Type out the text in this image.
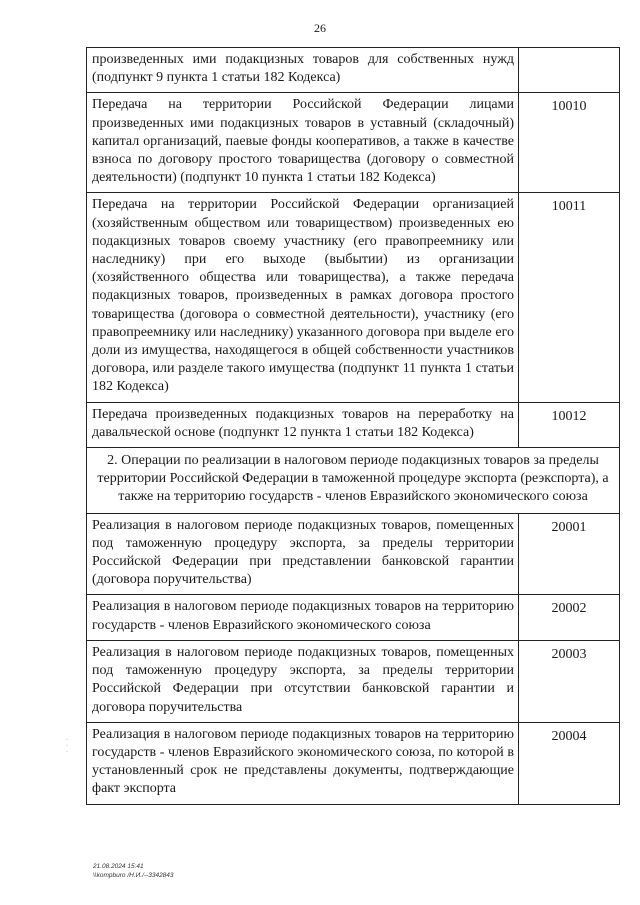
26
произведенных ими подакцизных товаров для собственных нужд (подпункт 9 пункта 1 статьи 182 Кодекса)	
Передача на территории Российской Федерации лицами произведенных ими подакцизных товаров в уставный (складочный) капитал организаций, паевые фонды кооперативов, а также в качестве взноса по договору простого товарищества (договору о совместной деятельности) (подпункт 10 пункта 1 статьи 182 Кодекса)	10010
Передача на территории Российской Федерации организацией (хозяйственным обществом или товариществом) произведенных ею подакцизных товаров своему участнику (его правопреемнику или наследнику) при его выходе (выбытии) из организации (хозяйственного общества или товарищества), а также передача подакцизных товаров, произведенных в рамках договора простого товарищества (договора о совместной деятельности), участнику (его правопреемнику или наследнику) указанного договора при выделе его доли из имущества, находящегося в общей собственности участников договора, или разделе такого имущества (подпункт 11 пункта 1 статьи 182 Кодекса)	10011
Передача произведенных подакцизных товаров на переработку на давальческой основе (подпункт 12 пункта 1 статьи 182 Кодекса)	10012
2. Операции по реализации в налоговом периоде подакцизных товаров за пределы территории Российской Федерации в таможенной процедуре экспорта (реэкспорта), а также на территорию государств - членов Евразийского экономического союза	
Реализация в налоговом периоде подакцизных товаров, помещенных под таможенную процедуру экспорта, за пределы территории Российской Федерации при представлении банковской гарантии (договора поручительства)	20001
Реализация в налоговом периоде подакцизных товаров на территорию государств - членов Евразийского экономического союза	20002
Реализация в налоговом периоде подакцизных товаров, помещенных под таможенную процедуру экспорта, за пределы территории Российской Федерации при отсутствии банковской гарантии и договора поручительства	20003
Реализация в налоговом периоде подакцизных товаров на территорию государств - членов Евразийского экономического союза, по которой в установленный срок не представлены документы, подтверждающие факт экспорта	20004
·
·
·
21.08.2024 15:41
\\kompburo /Н.И./--3342843
